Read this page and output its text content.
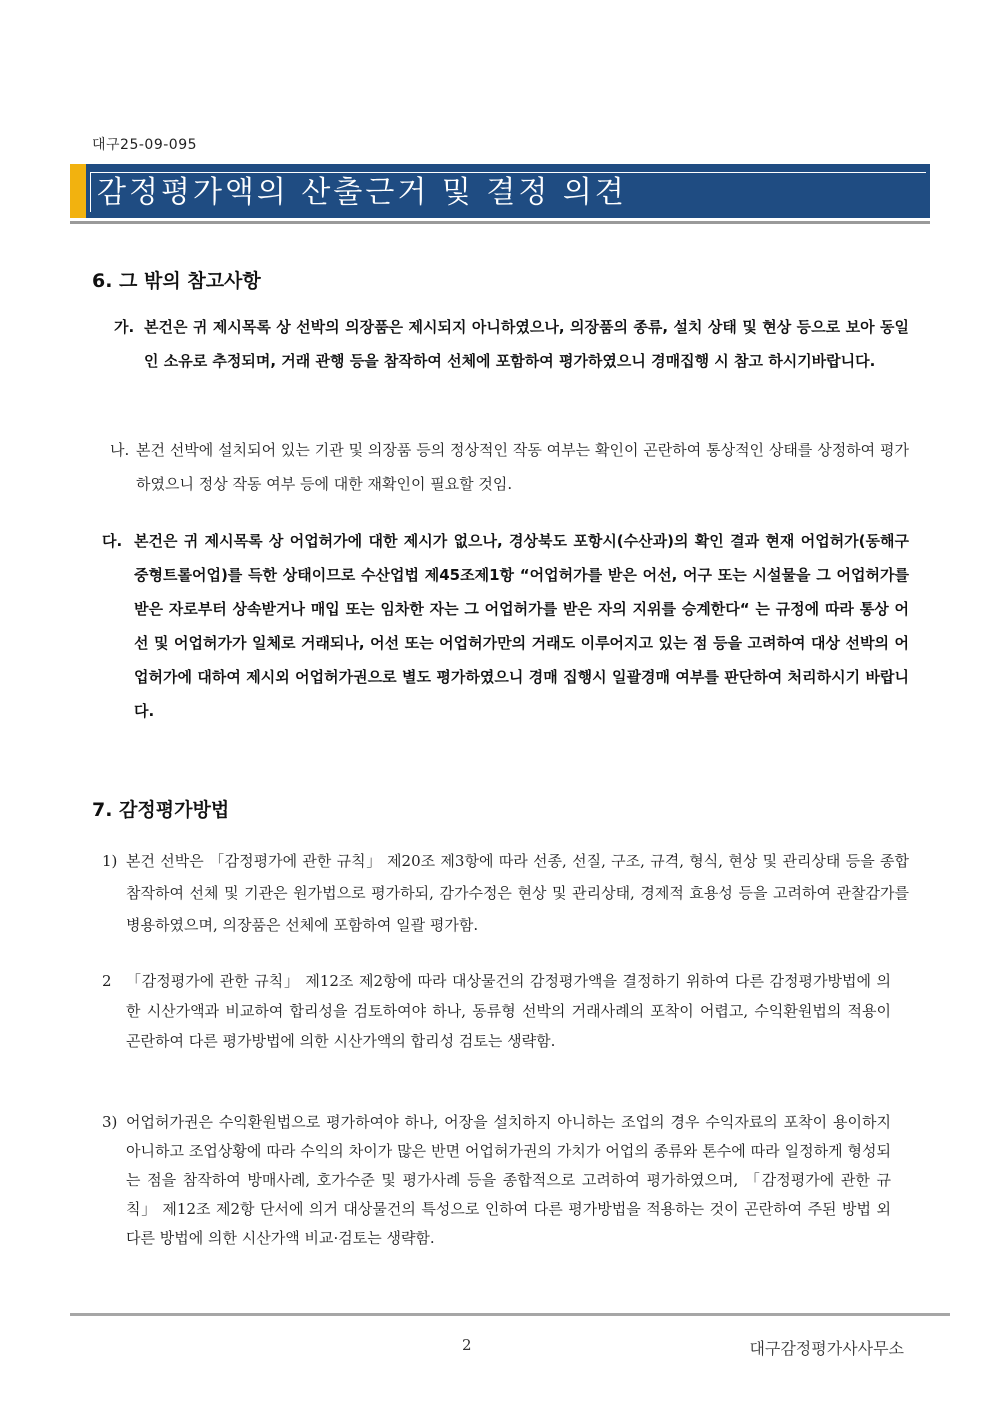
대구25-09-095
감정평가액의 산출근거 및 결정 의견
6. 그 밖의 참고사항
가. 본건은 귀 제시목록 상 선박의 의장품은 제시되지 아니하였으나, 의장품의 종류, 설치 상태 및 현상 등으로 보아 동일인 소유로 추정되며, 거래 관행 등을 참작하여 선체에 포함하여 평가하였으니 경매집행 시 참고 하시기바랍니다.
나. 본건 선박에 설치되어 있는 기관 및 의장품 등의 정상적인 작동 여부는 확인이 곤란하여 통상적인 상태를 상정하여 평가하였으니 정상 작동 여부 등에 대한 재확인이 필요할 것임.
다. 본건은 귀 제시목록 상 어업허가에 대한 제시가 없으나, 경상북도 포항시(수산과)의 확인 결과 현재 어업허가(동해구중형트롤어업)를 득한 상태이므로 수산업법 제45조제1항 “어업허가를 받은 어선, 어구 또는 시설물을 그 어업허가를 받은 자로부터 상속받거나 매입 또는 임차한 자는 그 어업허가를 받은 자의 지위를 승계한다“ 는 규정에 따라 통상 어선 및 어업허가가 일체로 거래되나, 어선 또는 어업허가만의 거래도 이루어지고 있는 점 등을 고려하여 대상 선박의 어업허가에 대하여 제시외 어업허가권으로 별도 평가하였으니 경매 집행시 일괄경매 여부를 판단하여 처리하시기 바랍니다.
7. 감정평가방법
1) 본건 선박은 「감정평가에 관한 규칙」 제20조 제3항에 따라 선종, 선질, 구조, 규격, 형식, 현상 및 관리상태 등을 종합 참작하여 선체 및 기관은 원가법으로 평가하되, 감가수정은 현상 및 관리상태, 경제적 효용성 등을 고려하여 관찰감가를 병용하였으며, 의장품은 선체에 포함하여 일괄 평가함.
2 「감정평가에 관한 규칙」 제12조 제2항에 따라 대상물건의 감정평가액을 결정하기 위하여 다른 감정평가방법에 의한 시산가액과 비교하여 합리성을 검토하여야 하나, 동류형 선박의 거래사례의 포착이 어렵고, 수익환원법의 적용이 곤란하여 다른 평가방법에 의한 시산가액의 합리성 검토는 생략함.
3) 어업허가권은 수익환원법으로 평가하여야 하나, 어장을 설치하지 아니하는 조업의 경우 수익자료의 포착이 용이하지 아니하고 조업상황에 따라 수익의 차이가 많은 반면 어업허가권의 가치가 어업의 종류와 톤수에 따라 일정하게 형성되는 점을 참작하여 방매사례, 호가수준 및 평가사례 등을 종합적으로 고려하여 평가하였으며, 「감정평가에 관한 규칙」 제12조 제2항 단서에 의거 대상물건의 특성으로 인하여 다른 평가방법을 적용하는 것이 곤란하여 주된 방법 외 다른 방법에 의한 시산가액 비교·검토는 생략함.
2	대구감정평가사사무소
